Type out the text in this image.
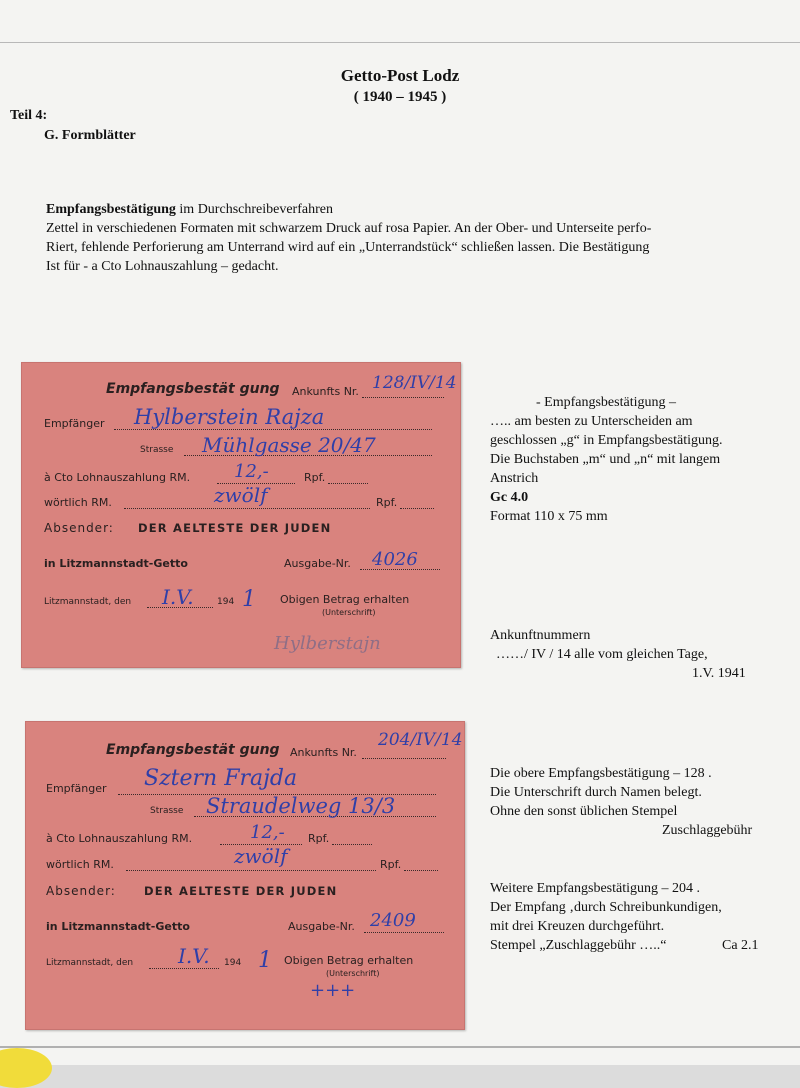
Getto-Post Lodz
( 1940 – 1945 )
Teil 4:
G. Formblätter
Empfangsbestätigung im Durchschreibeverfahren
Zettel in verschiedenen Formaten mit schwarzem Druck auf rosa Papier. An der Ober- und Unterseite perfo-
Riert, fehlende Perforierung am Unterrand wird auf ein „Unterrandstück“ schließen lassen. Die Bestätigung
Ist für - a Cto Lohnauszahlung – gedacht.
Empfangsbestät gung Ankunfts Nr. 128/IV/14
Empfänger Hylberstein Rajza
Strasse Mühlgasse 20/47
à Cto Lohnauszahlung RM. 12,-	Rpf.
wörtlich RM.	zwölf	Rpf.
Absender: DER AELTESTE DER JUDEN
in Litzmannstadt-Getto	Ausgabe-Nr. 4026
Litzmannstadt, den I.V.	194 1 Obigen Betrag erhalten
(Unterschrift)
Hylberstajn
Empfangsbestät gung Ankunfts Nr.
204/IV/14
Empfänger Sztern Frajda
Strasse Straudelweg 13/3
à Cto Lohnauszahlung RM.	12,- Rpf.
wörtlich RM.	zwölf	Rpf.
Absender: DER AELTESTE DER JUDEN
in Litzmannstadt-Getto	Ausgabe-Nr. 2409
Litzmannstadt, den I.V. 194 1 Obigen Betrag erhalten
(Unterschrift)
+++
- Empfangsbestätigung –
….. am besten zu Unterscheiden am
geschlossen „g“ in Empfangsbestätigung.
Die Buchstaben „m“ und „n“ mit langem
Anstrich
Gc 4.0
Format 110 x 75 mm
Ankunftnummern
……/ IV / 14 alle vom gleichen Tage,
1.V. 1941
Die obere Empfangsbestätigung – 128 .
Die Unterschrift durch Namen belegt.
Ohne den sonst üblichen Stempel
Zuschlaggebühr
Weitere Empfangsbestätigung – 204 .
Der Empfang ‚durch Schreibunkundigen,
mit drei Kreuzen durchgeführt.
Stempel „Zuschlaggebühr …..“	Ca 2.1
